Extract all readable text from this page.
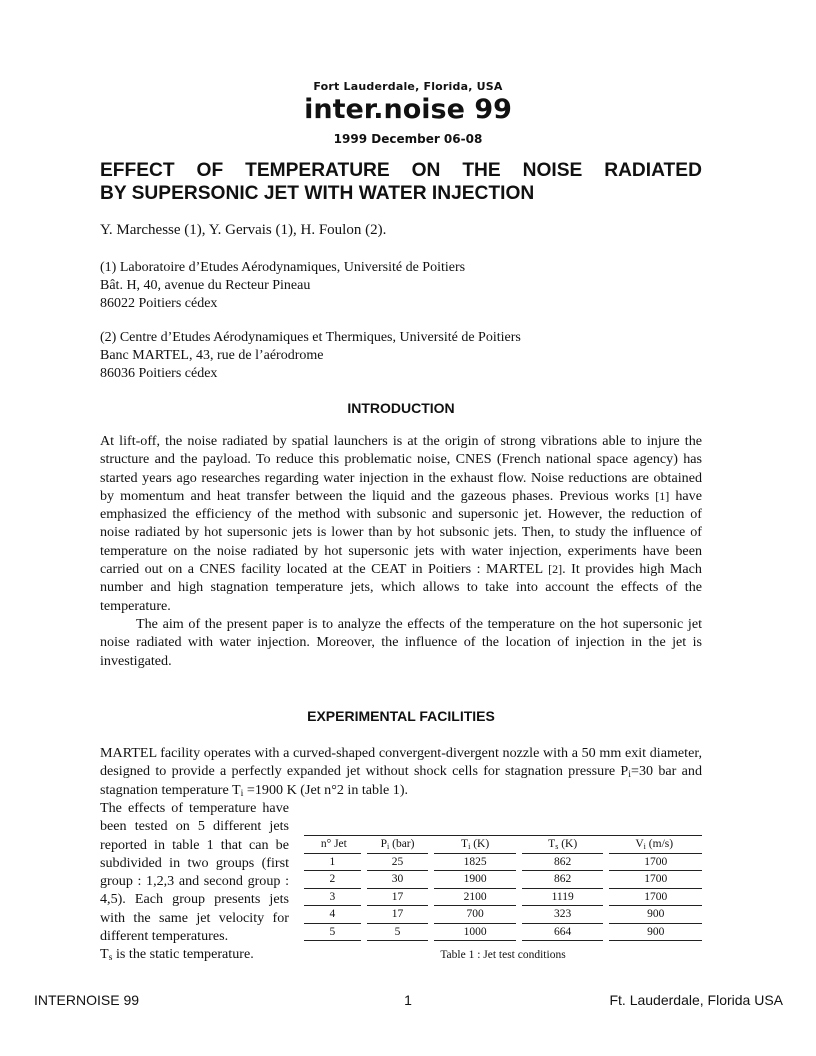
Fort Lauderdale, Florida, USA
inter.noise 99
1999 December 06-08
EFFECT OF TEMPERATURE ON THE NOISE RADIATED
BY SUPERSONIC JET WITH WATER INJECTION
Y. Marchesse (1), Y. Gervais (1), H. Foulon (2).
(1) Laboratoire d’Etudes Aérodynamiques, Université de Poitiers
Bât. H, 40, avenue du Recteur Pineau
86022 Poitiers cédex
(2) Centre d’Etudes Aérodynamiques et Thermiques, Université de Poitiers
Banc MARTEL, 43, rue de l’aérodrome
86036 Poitiers cédex
INTRODUCTION

At lift-off, the noise radiated by spatial launchers is at the origin of strong vibrations able to injure the structure and the payload. To reduce this problematic noise, CNES (French national space agency) has started years ago researches regarding water injection in the exhaust flow. Noise reductions are obtained by momentum and heat transfer between the liquid and the gazeous phases. Previous works [1] have emphasized the efficiency of the method with subsonic and supersonic jet. However, the reduction of noise radiated by hot supersonic jets is lower than by hot subsonic jets. Then, to study the influence of temperature on the noise radiated by hot supersonic jets with water injection, experiments have been carried out on a CNES facility located at the CEAT in Poitiers : MARTEL [2]. It provides high Mach number and high stagnation temperature jets, which allows to take into account the effects of the temperature.

The aim of the present paper is to analyze the effects of the temperature on the hot supersonic jet noise radiated with water injection. Moreover, the influence of the location of injection in the jet is investigated.

EXPERIMENTAL FACILITIES

MARTEL facility operates with a curved-shaped convergent-divergent nozzle with a 50 mm exit diameter, designed to provide a perfectly expanded jet without shock cells for stagnation pressure $P_i=30$ bar and stagnation temperature $T_i =1900$ K (Jet n°2 in table 1).

The effects of temperature have been tested on 5 different jets reported in table 1 that can be subdivided in two groups (first group : 1,2,3 and second group : 4,5). Each group presents jets with the same jet velocity for different temperatures.

$T_s$ is the static temperature.

n° Jet	$P_i$ (bar)	$T_i$ (K)	$T_s$ (K)	$V_i$ (m/s)
1	25	1825	862	1700
2	30	1900	862	1700
3	17	2100	1119	1700
4	17	700	323	900
5	5	1000	664	900
Table 1 : Jet test conditions
INTERNOISE 99	1	Ft. Lauderdale, Florida USA
